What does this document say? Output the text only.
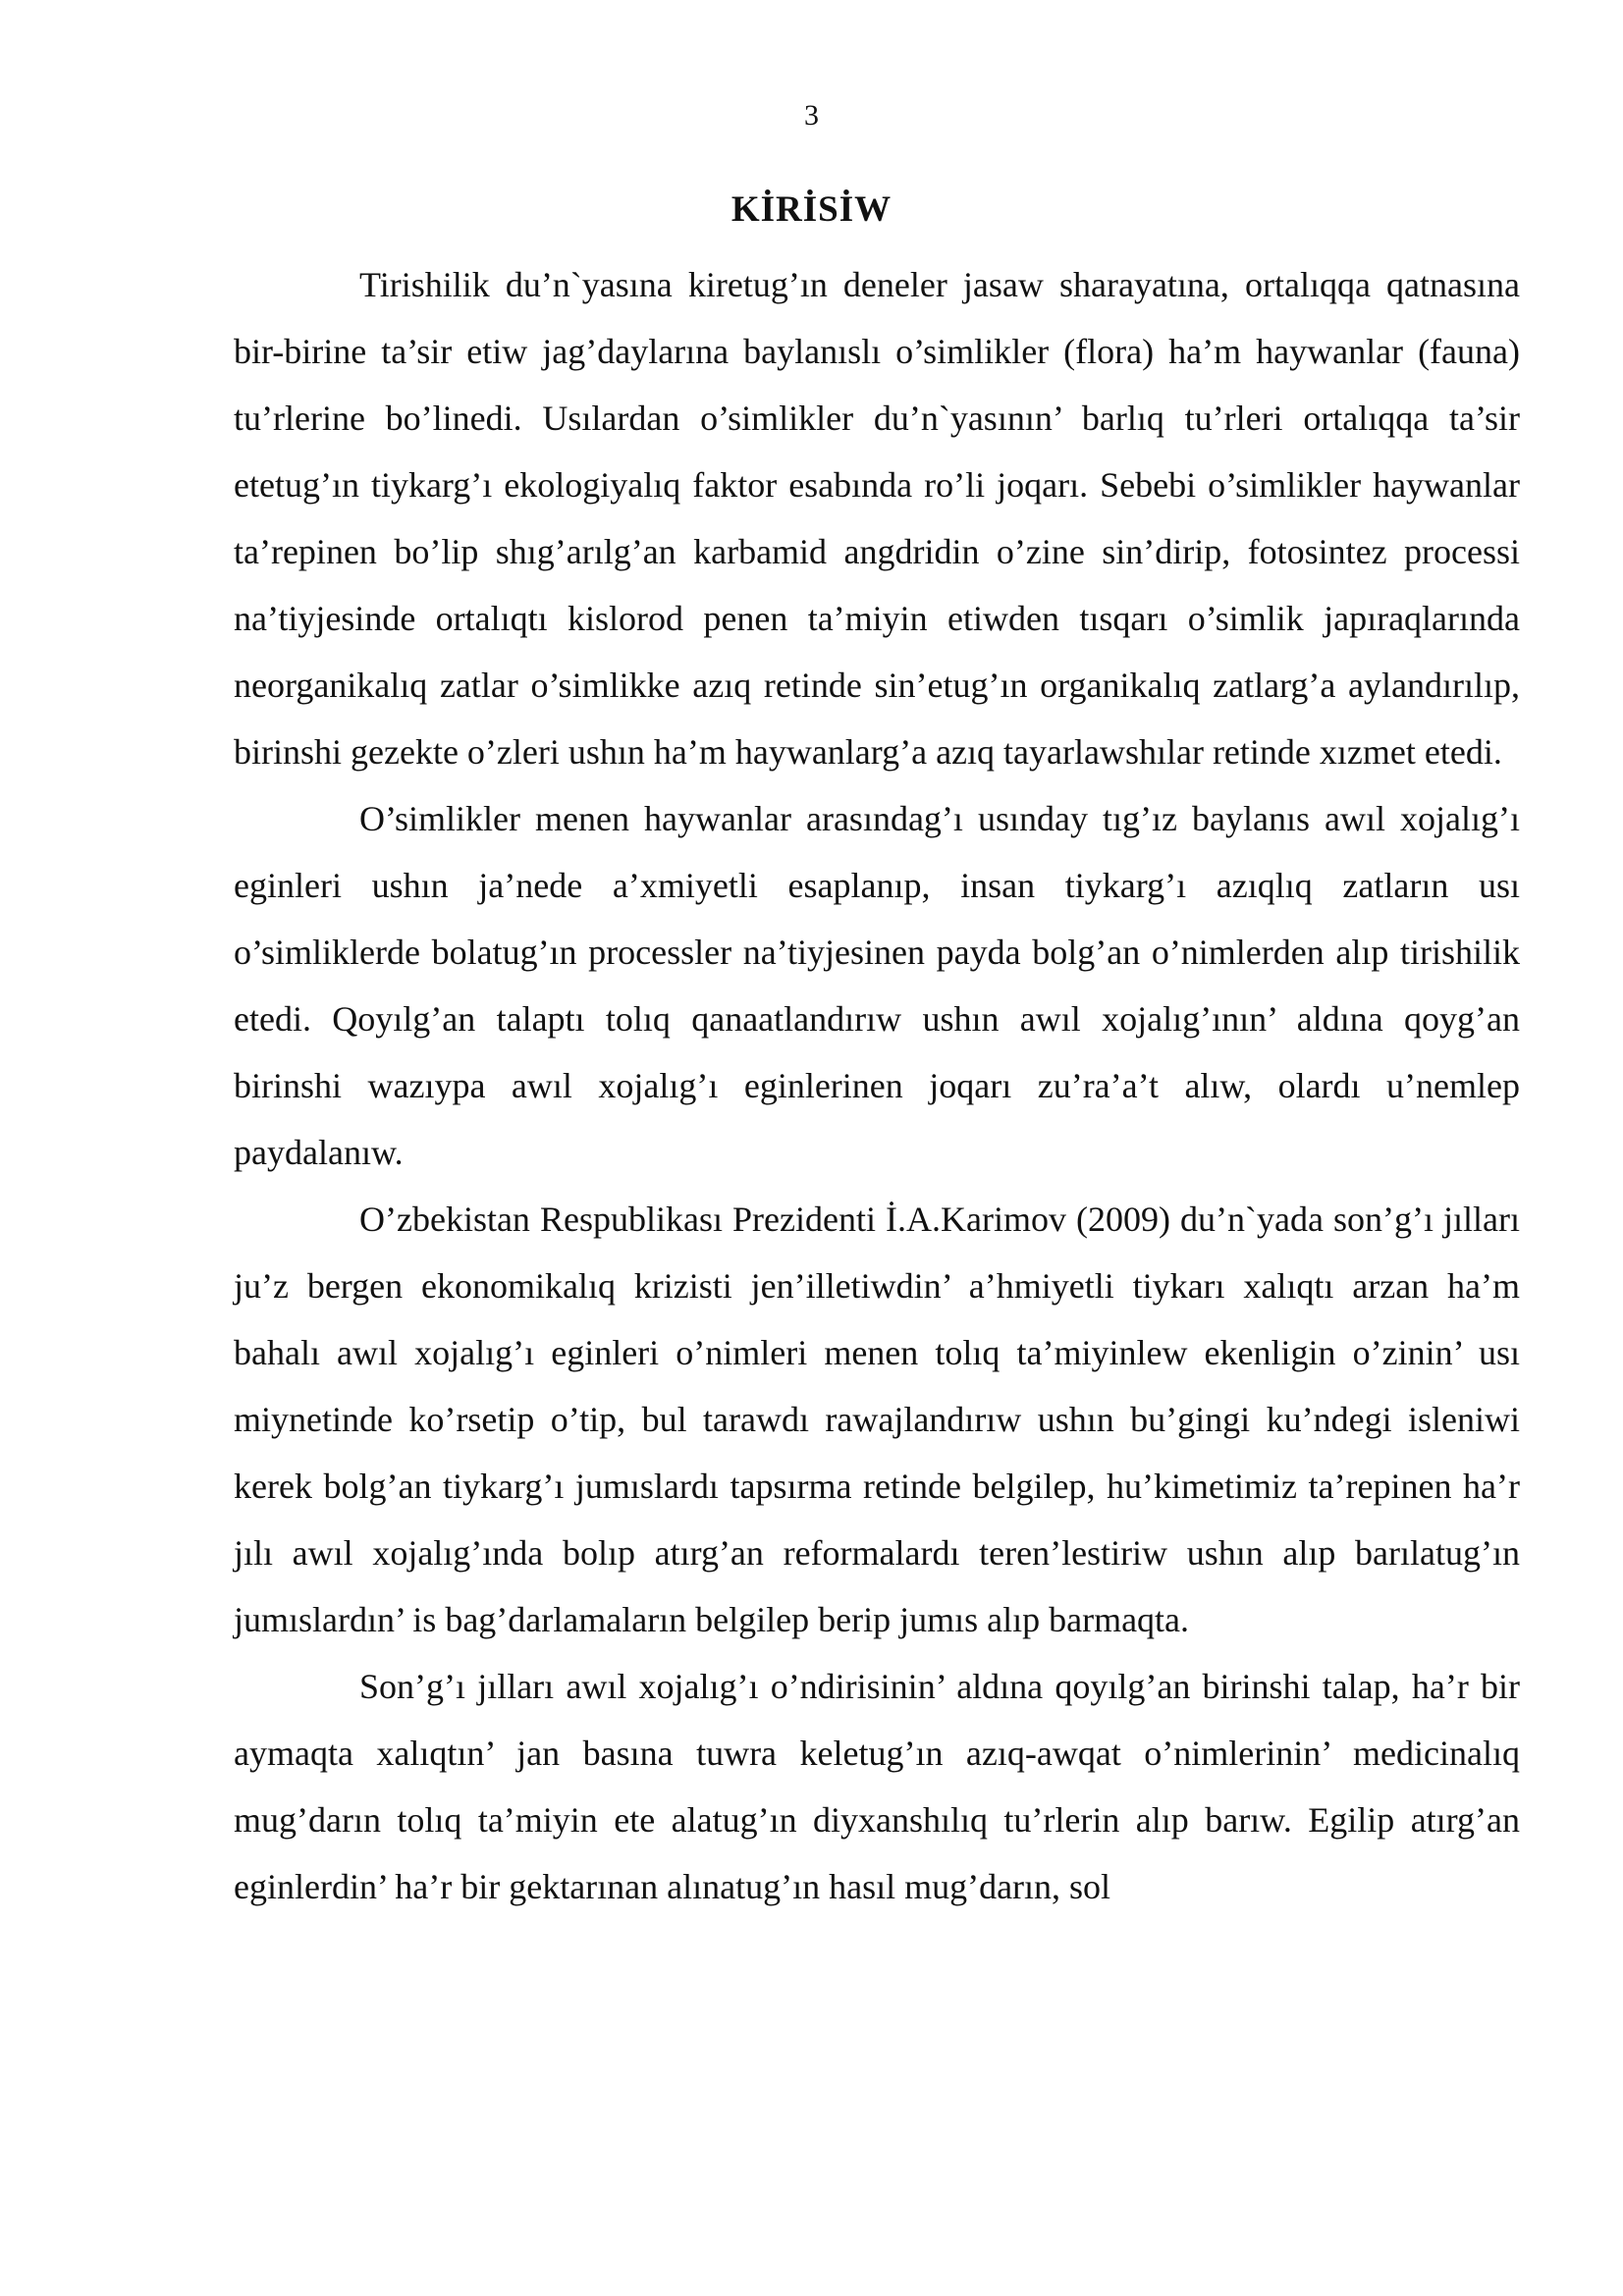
3
KİRİSİW

Tirishilik du’n`yasına kiretug’ın deneler jasaw sharayatına, ortalıqqa qatnasına bir-birine ta’sir etiw jag’daylarına baylanıslı o’simlikler (flora) ha’m haywanlar (fauna) tu’rlerine bo’linedi. Usılardan o’simlikler du’n`yasının’ barlıq tu’rleri ortalıqqa ta’sir etetug’ın tiykarg’ı ekologiyalıq faktor esabında ro’li joqarı. Sebebi o’simlikler haywanlar ta’repinen bo’lip shıg’arılg’an karbamid angdridin o’zine sin’dirip, fotosintez processi na’tiyjesinde ortalıqtı kislorod penen ta’miyin etiwden tısqarı o’simlik japıraqlarında neorganikalıq zatlar o’simlikke azıq retinde sin’etug’ın organikalıq zatlarg’a aylandırılıp, birinshi gezekte o’zleri ushın ha’m haywanlarg’a azıq tayarlawshılar retinde xızmet etedi.

O’simlikler menen haywanlar arasındag’ı usınday tıg’ız baylanıs awıl xojalıg’ı eginleri ushın ja’nede a’xmiyetli esaplanıp, insan tiykarg’ı azıqlıq zatların usı o’simliklerde bolatug’ın processler na’tiyjesinen payda bolg’an o’nimlerden alıp tirishilik etedi. Qoyılg’an talaptı tolıq qanaatlandırıw ushın awıl xojalıg’ının’ aldına qoyg’an birinshi wazıypa awıl xojalıg’ı eginlerinen joqarı zu’ra’a’t alıw, olardı u’nemlep paydalanıw.

O’zbekistan Respublikası Prezidenti İ.A.Karimov (2009) du’n`yada son’g’ı jılları ju’z bergen ekonomikalıq krizisti jen’illetiwdin’ a’hmiyetli tiykarı xalıqtı arzan ha’m bahalı awıl xojalıg’ı eginleri o’nimleri menen tolıq ta’miyinlew ekenligin o’zinin’ usı miynetinde ko’rsetip o’tip, bul tarawdı rawajlandırıw ushın bu’gingi ku’ndegi isleniwi kerek bolg’an tiykarg’ı jumıslardı tapsırma retinde belgilep, hu’kimetimiz ta’repinen ha’r jılı awıl xojalıg’ında bolıp atırg’an reformalardı teren’lestiriw ushın alıp barılatug’ın jumıslardın’ is bag’darlamaların belgilep berip jumıs alıp barmaqta.

Son’g’ı jılları awıl xojalıg’ı o’ndirisinin’ aldına qoyılg’an birinshi talap, ha’r bir aymaqta xalıqtın’ jan basına tuwra keletug’ın azıq-awqat o’nimlerinin’ medicinalıq mug’darın tolıq ta’miyin ete alatug’ın diyxanshılıq tu’rlerin alıp barıw. Egilip atırg’an eginlerdin’ ha’r bir gektarınan alınatug’ın hasıl mug’darın, sol
